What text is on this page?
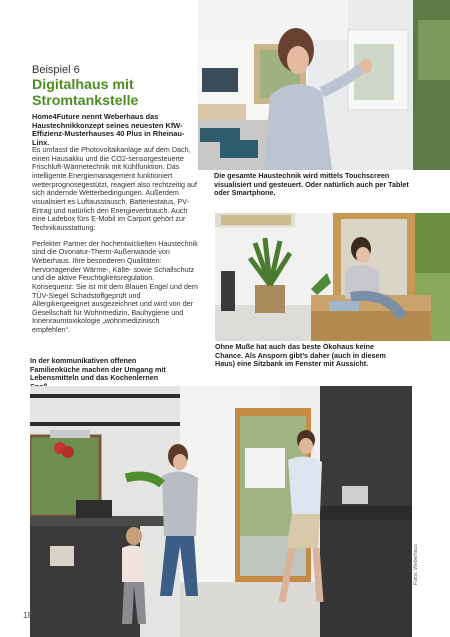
Die gesamte Haustechnik wird mittels Touchscreen visualisiert und gesteuert. Oder natürlich auch per Tablet oder Smartphone.
Beispiel 6
Digitalhaus mit Stromtankstelle
Home4Future nennt Weberhaus das Haustechnikkonzept seines neuesten KfW-Effizienz-Musterhauses 40 Plus in Rheinau-Linx.

Es umfasst die Photovoltaikanlage auf dem Dach, einen Hausakku und die CO2-sensorgesteuerte Frischluft-Wärmetechnik mit Kühlfunktion. Das intelligente Energiemanagement funktioniert wetterprognosegestützt, reagiert also rechtzeitig auf sich ändernde Wetterbedingungen. Außerdem visualisiert es Luftausstausch, Batteriestatus, PV-Ertrag und natürlich den Energieverbrauch. Auch eine Ladebox fürs E-Mobil im Carport gehört zur Technikausstattung.

Perfekter Partner der hochentwickelten Haustechnik sind die Ovonatur-Therm-Außenwände von Weberhaus. Ihre besonderen Qualitäten: hervorragender Wärme-, Kälte- sowie Schallschutz und die aktive Feuchtigkeitsregulation. Konsequenz: Sie ist mit dem Blauen Engel und dem TÜV-Siegel Schadstoffgeprüft und Allergikergeeignet ausgezeichnet und wird von der Gesellschaft für Wohnmedizin, Bauhygiene und Innenraumtoxikologie „wohnmedizinisch empfehlen“.

Ohne Muße hat auch das beste Ökohaus keine Chance. Als Ansporn gibt’s daher (auch in diesem Haus) eine Sitzbank im Fenster mit Aussicht.
In der kommunikativen offenen Familienküche machen der Umgang mit Lebensmitteln und das Kochenlernen
18
Fotos: Weberhaus
